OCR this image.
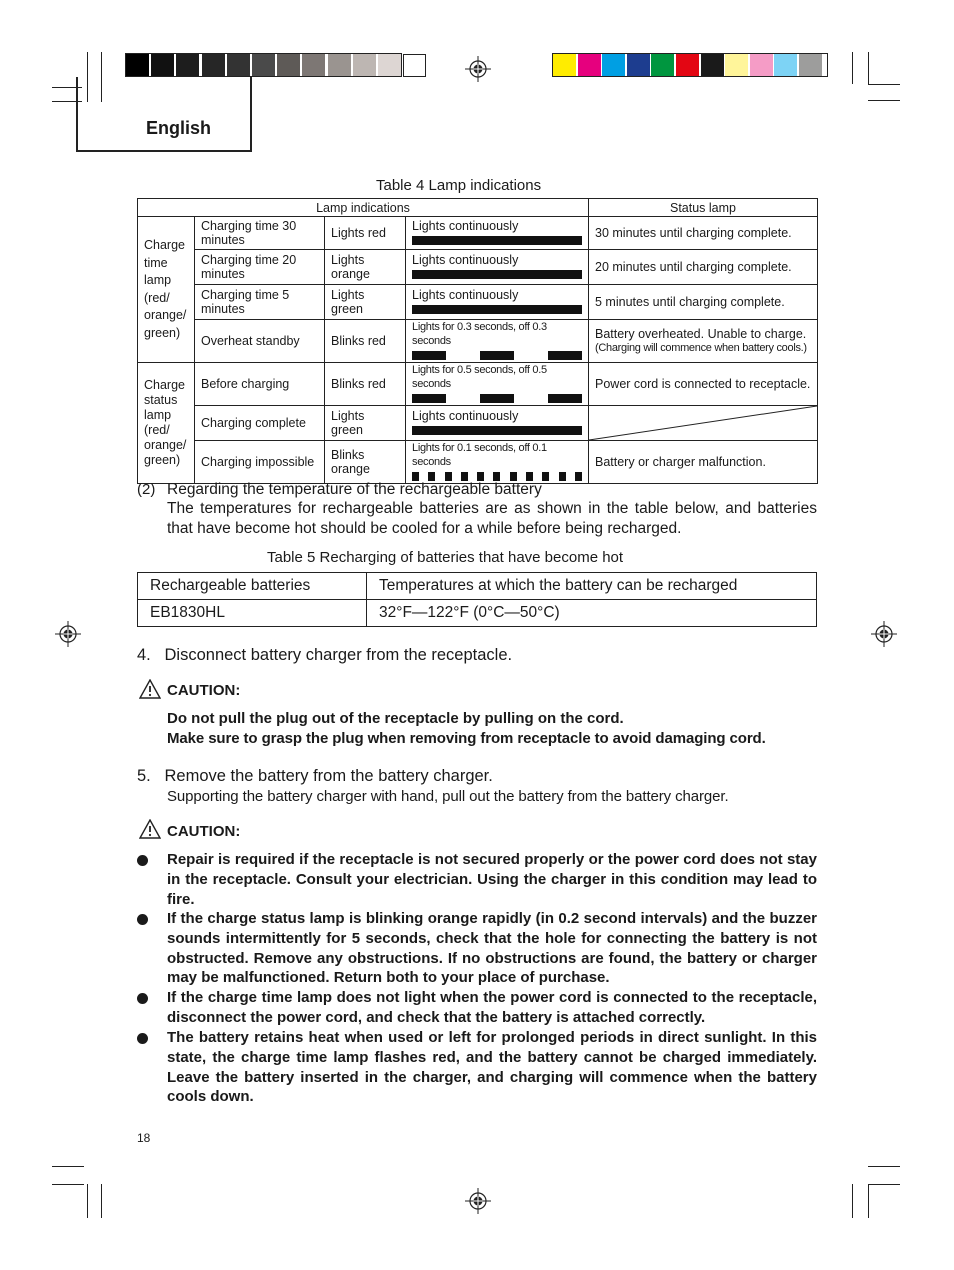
English
Table 4 Lamp indications
Lamp indications				Status lamp
Charge time lamp (red/ orange/ green)	Charging time 30 minutes	Lights red	Lights continuously	30 minutes until charging complete.

	Charging time 20 minutes	Lights orange	Lights continuously	20 minutes until charging complete.

	Charging time 5 minutes	Lights green	Lights continuously	5 minutes until charging complete.

	Overheat standby	Blinks red	Lights for 0.3 seconds, off 0.3 seconds	Battery overheated. Unable to charge.
(Charging will commence when battery cools.)

Charge status lamp (red/ orange/ green)	Before charging	Blinks red	Lights for 0.5 seconds, off 0.5 seconds	Power cord is connected to receptacle.

	Charging complete	Lights green	Lights continuously

	Charging impossible	Blinks orange	Lights for 0.1 seconds, off 0.1 seconds	Battery or charger malfunction.
(2) Regarding the temperature of the rechargeable battery
The temperatures for rechargeable batteries are as shown in the table below, and batteries that have become hot should be cooled for a while before being recharged.
Table 5 Recharging of batteries that have become hot
Rechargeable batteries	Temperatures at which the battery can be recharged
EB1830HL	32°F—122°F (0°C—50°C)
4.   Disconnect battery charger from the receptacle.
CAUTION:
Do not pull the plug out of the receptacle by pulling on the cord.
Make sure to grasp the plug when removing from receptacle to avoid damaging cord.
5.   Remove the battery from the battery charger.
Supporting the battery charger with hand, pull out the battery from the battery charger.
CAUTION:
Repair is required if the receptacle is not secured properly or the power cord does not stay in the receptacle. Consult your electrician. Using the charger in this condition may lead to fire.
If the charge status lamp is blinking orange rapidly (in 0.2 second intervals) and the buzzer sounds intermittently for 5 seconds, check that the hole for connecting the battery is not obstructed. Remove any obstructions. If no obstructions are found, the battery or charger may be malfunctioned. Return both to your place of purchase.
If the charge time lamp does not light when the power cord is connected to the receptacle, disconnect the power cord, and check that the battery is attached correctly.
The battery retains heat when used or left for prolonged periods in direct sunlight. In this state, the charge time lamp flashes red, and the battery cannot be charged immediately. Leave the battery inserted in the charger, and charging will commence when the battery cools down.
18
